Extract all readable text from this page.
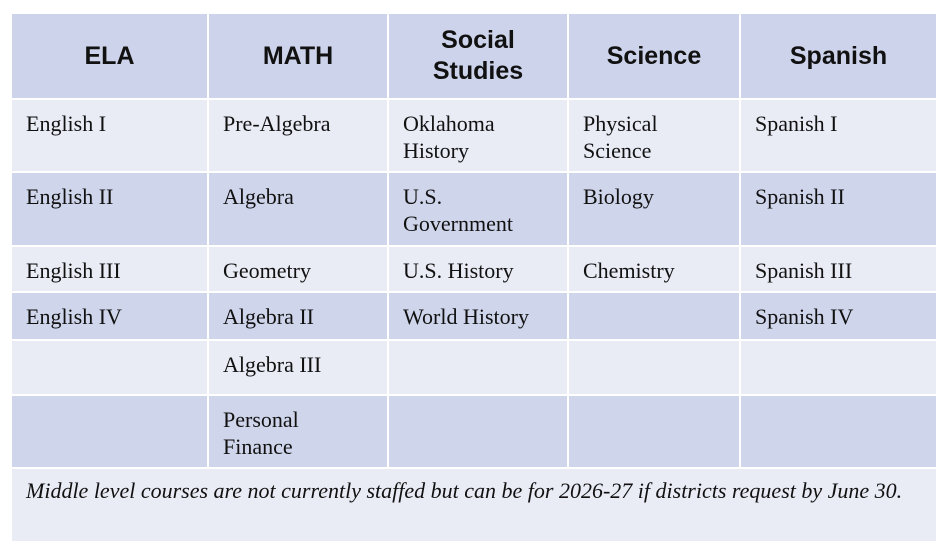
ELA	MATH	Social Studies	Science	Spanish
English I	Pre-Algebra	Oklahoma History	Physical Science	Spanish I
English II	Algebra	U.S. Government	Biology	Spanish II
English III	Geometry	U.S. History	Chemistry	Spanish III
English IV	Algebra II	World History		Spanish IV
	Algebra III			
	Personal Finance			
Middle level courses are not currently staffed but can be for 2026-27 if districts request by June 30.				
